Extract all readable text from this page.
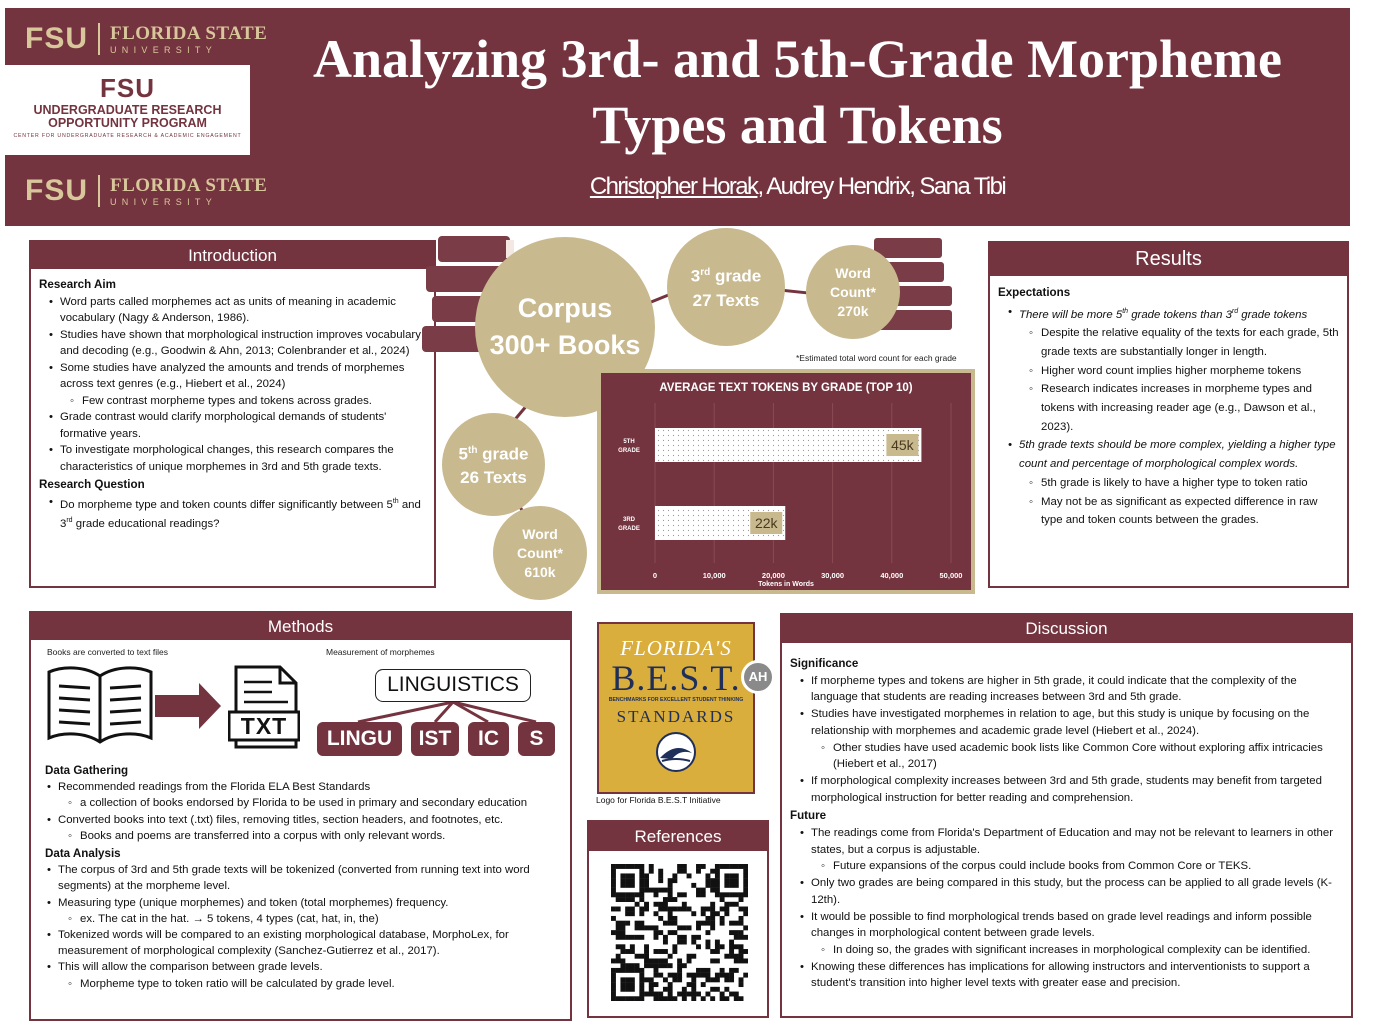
FSU FLORIDA STATE
UNIVERSITY
FSU
UNDERGRADUATE RESEARCH
OPPORTUNITY PROGRAM
CENTER FOR UNDERGRADUATE RESEARCH & ACADEMIC ENGAGEMENT
FSU FLORIDA STATE
UNIVERSITY
Analyzing 3rd- and 5th-Grade Morpheme Types and Tokens
Christopher Horak, Audrey Hendrix, Sana Tibi
Introduction
Research Aim
• Word parts called morphemes act as units of meaning in academic vocabulary (Nagy & Anderson, 1986).
• Studies have shown that morphological instruction improves vocabulary and decoding (e.g., Goodwin & Ahn, 2013; Colenbrander et al., 2024)
• Some studies have analyzed the amounts and trends of morphemes across text genres (e.g., Hiebert et al., 2024)
◦ Few contrast morpheme types and tokens across grades.
• Grade contrast would clarify morphological demands of students' formative years.
• To investigate morphological changes, this research compares the characteristics of unique morphemes in 3rd and 5th grade texts.
Research Question
• Do morpheme type and token counts differ significantly between 5th and 3rd grade educational readings?
Corpus
300+ Books
3rd grade
27 Texts
Word
Count*
270k
5th grade
26 Texts
Word
Count*
610k
*Estimated total word count for each grade
AVERAGE TEXT TOKENS BY GRADE (TOP 10)
5TH
GRADE	45k
3RD
GRADE	22k
0	10,000	20,000	30,000	40,000	50,000
Tokens in Words
Results
Expectations
• There will be more 5th grade tokens than 3rd grade tokens
◦ Despite the relative equality of the texts for each grade, 5th grade texts are substantially longer in length.
◦ Higher word count implies higher morpheme tokens
◦ Research indicates increases in morpheme types and tokens with increasing reader age (e.g., Dawson et al., 2023).
• 5th grade texts should be more complex, yielding a higher type count and percentage of morphological complex words.
◦ 5th grade is likely to have a higher type to token ratio
◦ May not be as significant as expected difference in raw type and token counts between the grades.
Methods
Books are converted to text files	Measurement of morphemes
TXT
LINGUISTICS
LINGU	IST	IC	S
Data Gathering
• Recommended readings from the Florida ELA Best Standards
◦ a collection of books endorsed by Florida to be used in primary and secondary education
• Converted books into text (.txt) files, removing titles, section headers, and footnotes, etc.
◦ Books and poems are transferred into a corpus with only relevant words.
Data Analysis
• The corpus of 3rd and 5th grade texts will be tokenized (converted from running text into word segments) at the morpheme level.
• Measuring type (unique morphemes) and token (total morphemes) frequency.
◦ ex. The cat in the hat. → 5 tokens, 4 types (cat, hat, in, the)
• Tokenized words will be compared to an existing morphological database, MorphoLex, for measurement of morphological complexity (Sanchez-Gutierrez et al., 2017).
• This will allow the comparison between grade levels.
◦ Morpheme type to token ratio will be calculated by grade level.
FLORIDA'S
B.E.S.T.
BENCHMARKS FOR EXCELLENT STUDENT THINKING
STANDARDS
AH
Logo for Florida B.E.S.T Initiative
References
Discussion
Significance
• If morpheme types and tokens are higher in 5th grade, it could indicate that the complexity of the language that students are reading increases between 3rd and 5th grade.
• Studies have investigated morphemes in relation to age, but this study is unique by focusing on the relationship with morphemes and academic grade level (Hiebert et al., 2024).
◦ Other studies have used academic book lists like Common Core without exploring affix intricacies (Hiebert et al., 2017)
• If morphological complexity increases between 3rd and 5th grade, students may benefit from targeted morphological instruction for better reading and comprehension.
Future
• The readings come from Florida's Department of Education and may not be relevant to learners in other states, but a corpus is adjustable.
◦ Future expansions of the corpus could include books from Common Core or TEKS.
• Only two grades are being compared in this study, but the process can be applied to all grade levels (K-12th).
• It would be possible to find morphological trends based on grade level readings and inform possible changes in morphological content between grade levels.
◦ In doing so, the grades with significant increases in morphological complexity can be identified.
• Knowing these differences has implications for allowing instructors and interventionists to support a student's transition into higher level texts with greater ease and precision.
